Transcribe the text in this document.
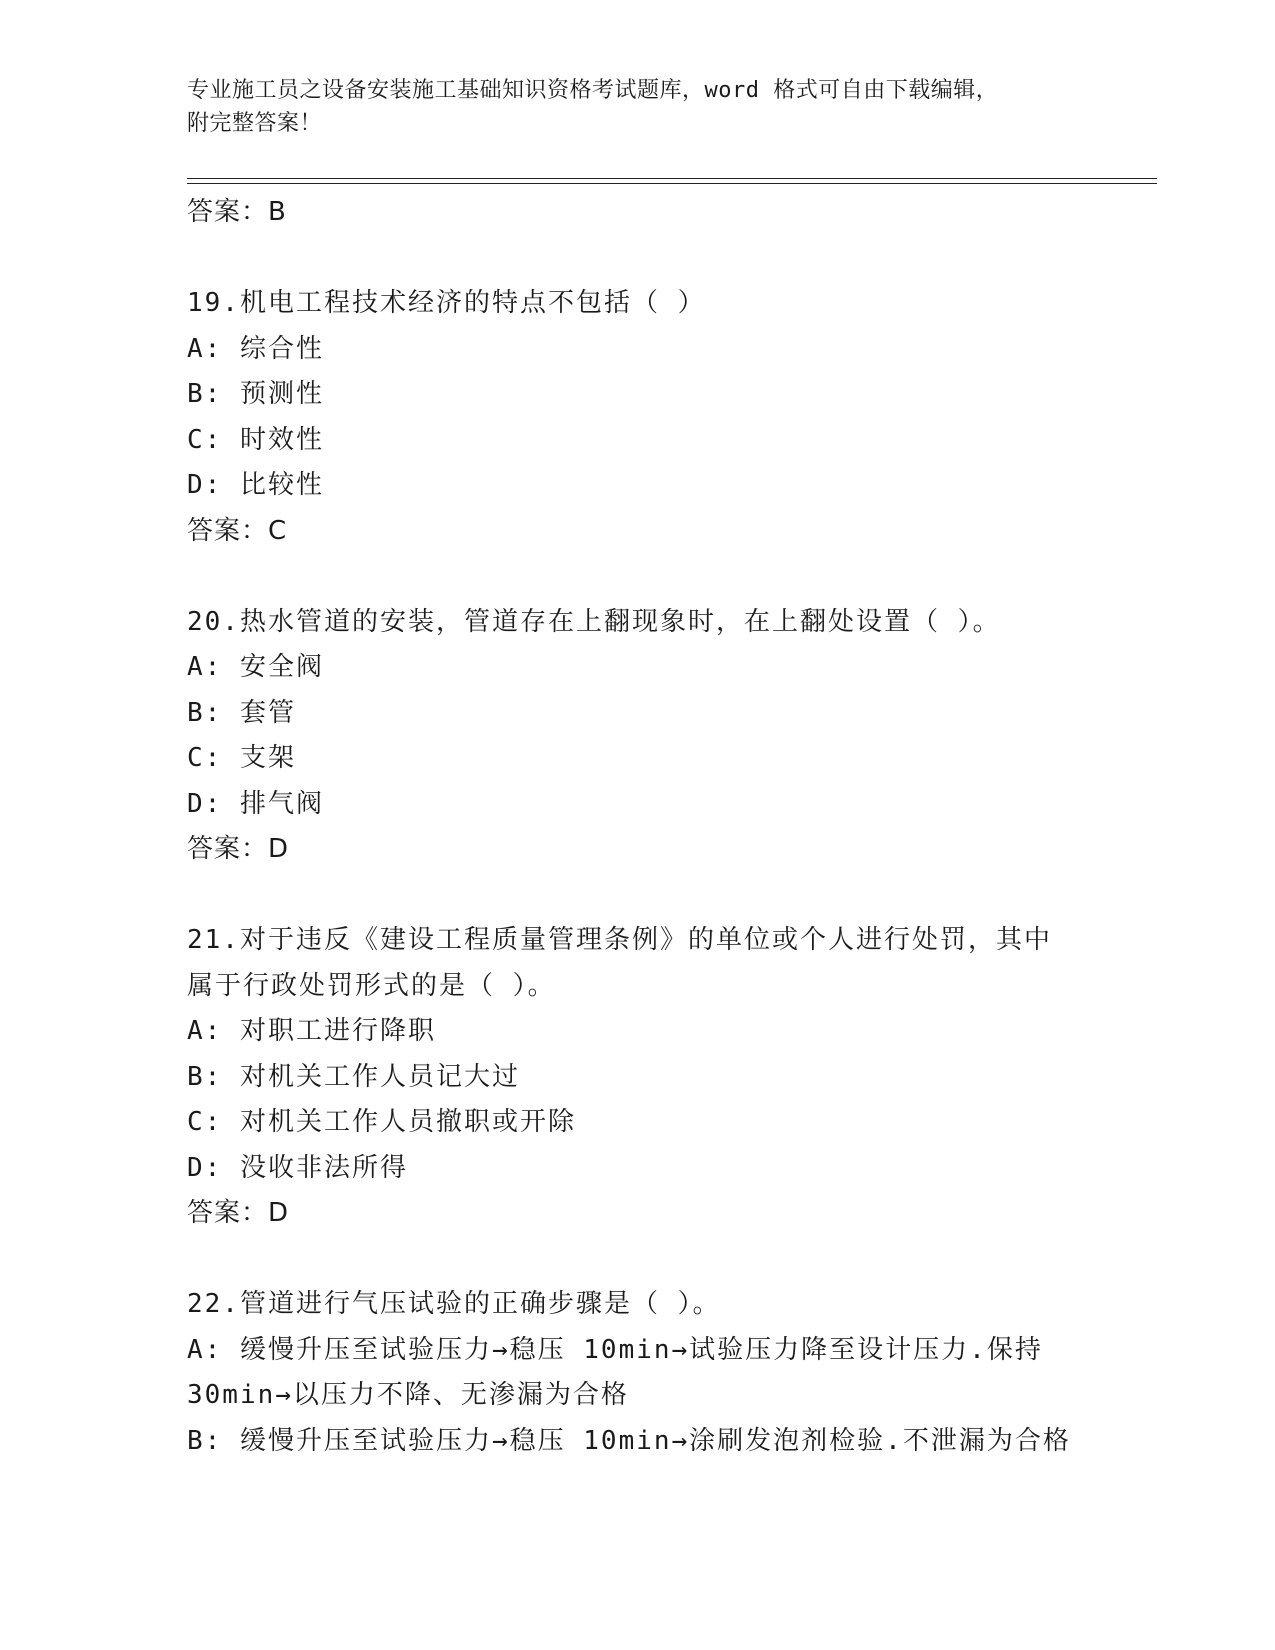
专业施工员之设备安装施工基础知识资格考试题库，word 格式可自由下载编辑，
附完整答案！
答案：B
19.机电工程技术经济的特点不包括（ ）
A: 综合性
B: 预测性
C: 时效性
D: 比较性
答案：C
20.热水管道的安装，管道存在上翻现象时，在上翻处设置（ ）。
A: 安全阀
B: 套管
C: 支架
D: 排气阀
答案：D
21.对于违反《建设工程质量管理条例》的单位或个人进行处罚，其中
属于行政处罚形式的是（ ）。
A: 对职工进行降职
B: 对机关工作人员记大过
C: 对机关工作人员撤职或开除
D: 没收非法所得
答案：D
22.管道进行气压试验的正确步骤是（ ）。
A: 缓慢升压至试验压力→稳压 10min→试验压力降至设计压力.保持
30min→以压力不降、无渗漏为合格
B: 缓慢升压至试验压力→稳压 10min→涂刷发泡剂检验.不泄漏为合格
